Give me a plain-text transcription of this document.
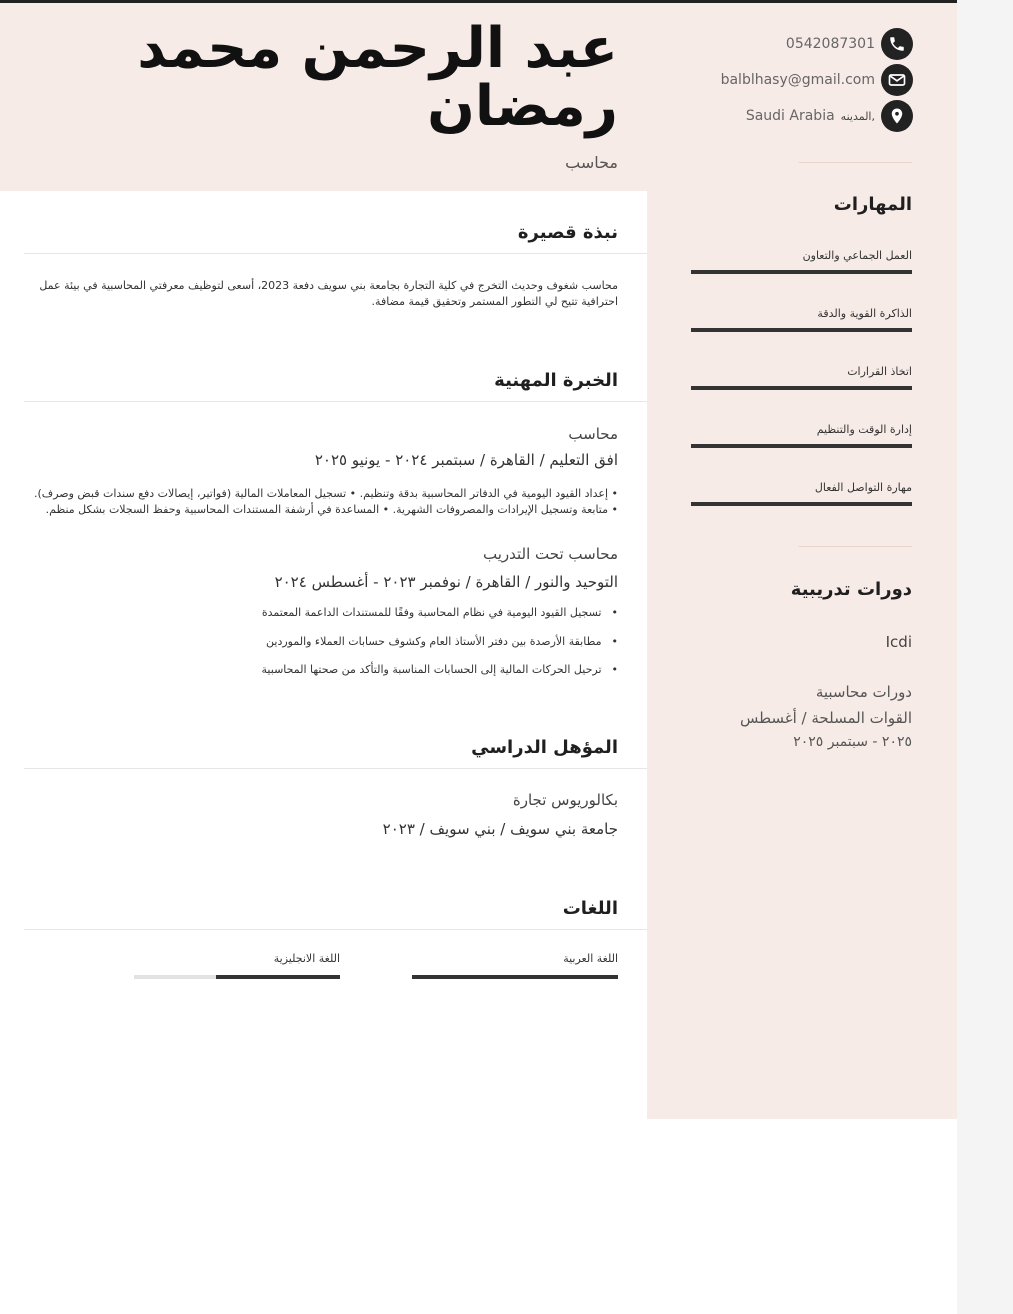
عبد الرحمن محمد رمضان
محاسب
0542087301
balblhasy@gmail.com
Saudi Arabia المدينه,
المهارات
العمل الجماعي والتعاون
الذاكرة القوية والدقة
اتخاذ القرارات
إدارة الوقت والتنظيم
مهارة التواصل الفعال
دورات تدريبية
Icdi
دورات محاسبية
القوات المسلحة / أغسطس
٢٠٢٥ - سبتمبر ٢٠٢٥
نبذة قصيرة
محاسب شغوف وحديث التخرج في كلية التجارة بجامعة بني سويف دفعة 2023، أسعى لتوظيف معرفتي المحاسبية في بيئة عمل احترافية تتيح لي التطور المستمر وتحقيق قيمة مضافة.
الخبرة المهنية
محاسب
افق التعليم / القاهرة / سبتمبر ٢٠٢٤ - يونيو ٢٠٢٥
• إعداد القيود اليومية في الدفاتر المحاسبية بدقة وتنظيم. • تسجيل المعاملات المالية (فواتير، إيصالات دفع سندات قبض وصرف). • متابعة وتسجيل الإيرادات والمصروفات الشهرية. • المساعدة في أرشفة المستندات المحاسبية وحفظ السجلات بشكل منظم.
محاسب تحت التدريب
التوحيد والنور / القاهرة / نوفمبر ٢٠٢٣ - أغسطس ٢٠٢٤
• تسجيل القيود اليومية في نظام المحاسبة وفقًا للمستندات الداعمة المعتمدة
• مطابقة الأرصدة بين دفتر الأستاذ العام وكشوف حسابات العملاء والموردين
• ترحيل الحركات المالية إلى الحسابات المناسبة والتأكد من صحتها المحاسبية
المؤهل الدراسي
بكالوريوس تجارة
جامعة بني سويف / بني سويف / ٢٠٢٣
اللغات
اللغة العربية
اللغة الانجليزية
